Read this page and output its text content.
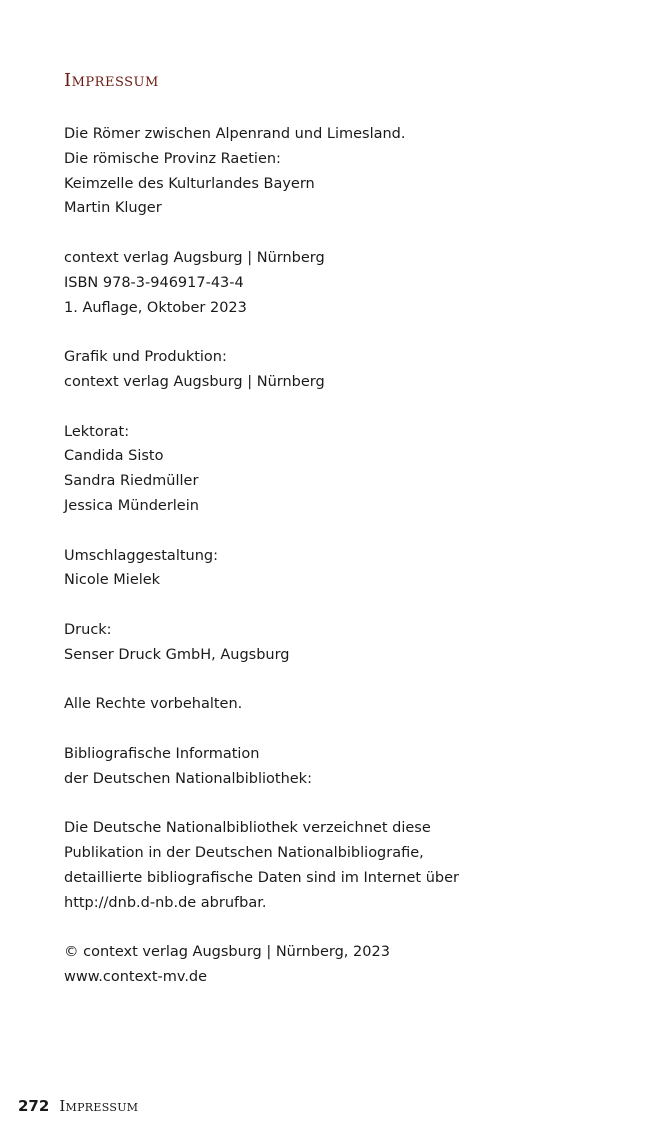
Impressum
Die Römer zwischen Alpenrand und Limesland.
Die römische Provinz Raetien:
Keimzelle des Kulturlandes Bayern
Martin Kluger
context verlag Augsburg | Nürnberg
ISBN 978-3-946917-43-4
1. Auflage, Oktober 2023
Grafik und Produktion:
context verlag Augsburg | Nürnberg
Lektorat:
Candida Sisto
Sandra Riedmüller
Jessica Münderlein
Umschlaggestaltung:
Nicole Mielek
Druck:
Senser Druck GmbH, Augsburg
Alle Rechte vorbehalten.
Bibliografische Information
der Deutschen Nationalbibliothek:
Die Deutsche Nationalbibliothek verzeichnet diese
Publikation in der Deutschen Nationalbibliografie,
detaillierte bibliografische Daten sind im Internet über
http://dnb.d-nb.de abrufbar.
© context verlag Augsburg | Nürnberg, 2023
www.context-mv.de
272 Impressum
